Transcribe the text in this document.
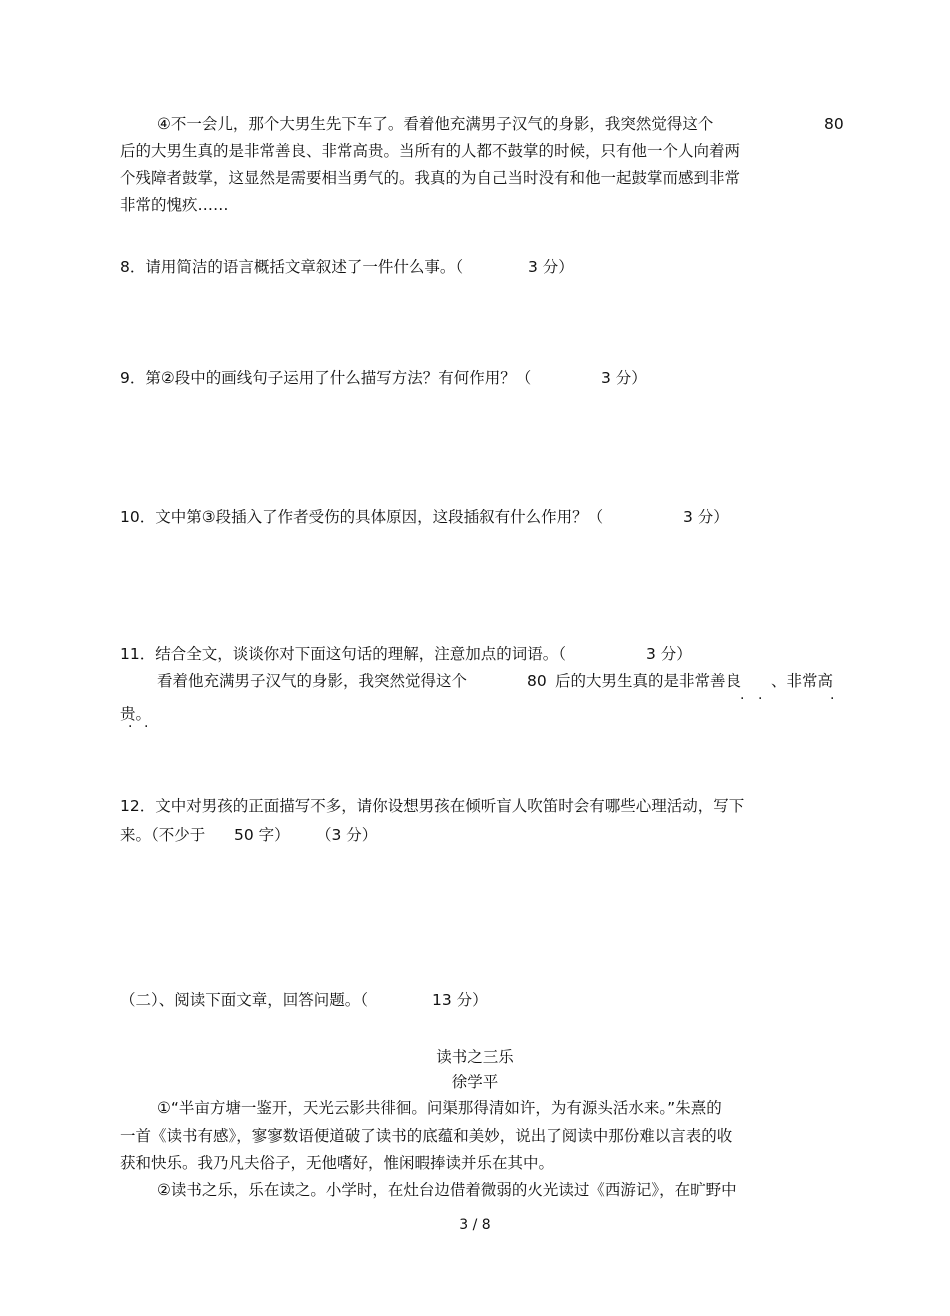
④不一会儿，那个大男生先下车了。看着他充满男子汉气的身影，我突然觉得这个	80
后的大男生真的是非常善良、非常高贵。当所有的人都不鼓掌的时候，只有他一个人向着两
个残障者鼓掌，这显然是需要相当勇气的。我真的为自己当时没有和他一起鼓掌而感到非常
非常的愧疚……
8．请用简洁的语言概括文章叙述了一件什么事。（	3 分）
9．第②段中的画线句子运用了什么描写方法？有何作用？（	3 分）
10．文中第③段插入了作者受伤的具体原因，这段插叙有什么作用？（	3 分）
11．结合全文，谈谈你对下面这句话的理解，注意加点的词语。（	3 分）
看着他充满男子汉气的身影，我突然觉得这个	80 后的大男生真的是非常善良 、非常高
贵。
· ·	·
· ·
12．文中对男孩的正面描写不多，请你设想男孩在倾听盲人吹笛时会有哪些心理活动，写下
来。（不少于 50 字） （3 分）
（二）、阅读下面文章，回答问题。（	13 分）
读书之三乐
徐学平
①“半亩方塘一鉴开，天光云影共徘徊。问渠那得清如许，为有源头活水来。”朱熹的
一首《读书有感》，寥寥数语便道破了读书的底蕴和美妙，说出了阅读中那份难以言表的收
获和快乐。我乃凡夫俗子，无他嗜好，惟闲暇捧读并乐在其中。
②读书之乐，乐在读之。小学时，在灶台边借着微弱的火光读过《西游记》，在旷野中
3 / 8
